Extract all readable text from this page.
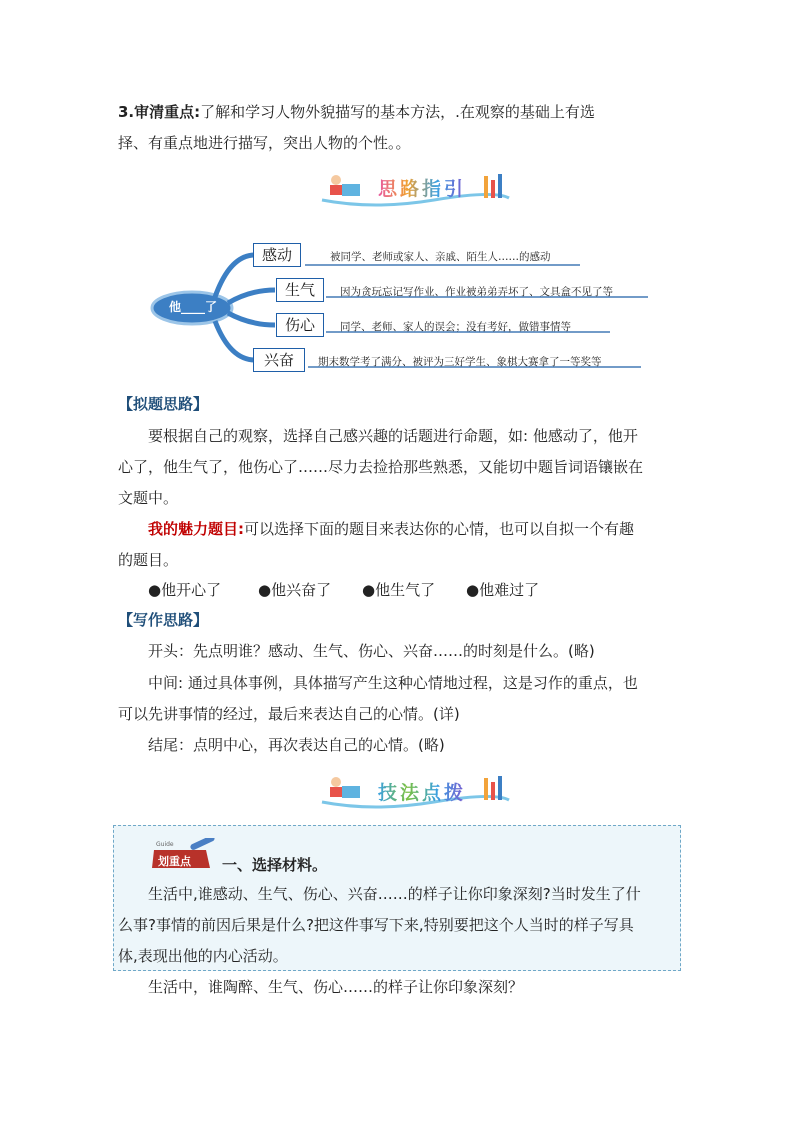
3.审清重点:了解和学习人物外貌描写的基本方法，.在观察的基础上有选
择、有重点地进行描写，突出人物的个性。。
思路指引
他____了
感动	被同学、老师或家人、亲戚、陌生人……的感动
生气	因为贪玩忘记写作业、作业被弟弟弄坏了、文具盒不见了等
伤心	同学、老师、家人的误会；没有考好，做错事情等
兴奋	期末数学考了满分、被评为三好学生、象棋大赛拿了一等奖等
【拟题思路】
要根据自己的观察，选择自己感兴趣的话题进行命题，如: 他感动了，他开
心了，他生气了，他伤心了……尽力去捡拾那些熟悉，又能切中题旨词语镶嵌在
文题中。
我的魅力题目:可以选择下面的题目来表达你的心情，也可以自拟一个有趣
的题目。
●他开心了 ●他兴奋了 ●他生气了 ●他难过了
【写作思路】
开头：先点明谁？感动、生气、伤心、兴奋……的时刻是什么。(略)
中间: 通过具体事例，具体描写产生这种心情地过程，这是习作的重点，也
可以先讲事情的经过，最后来表达自己的心情。(详)
结尾：点明中心，再次表达自己的心情。(略)
技法点拨
Guide
划重点 一、选择材料。
生活中,谁感动、生气、伤心、兴奋……的样子让你印象深刻?当时发生了什
么事?事情的前因后果是什么?把这件事写下来,特别要把这个人当时的样子写具
体,表现出他的内心活动。
生活中，谁陶醉、生气、伤心……的样子让你印象深刻？
